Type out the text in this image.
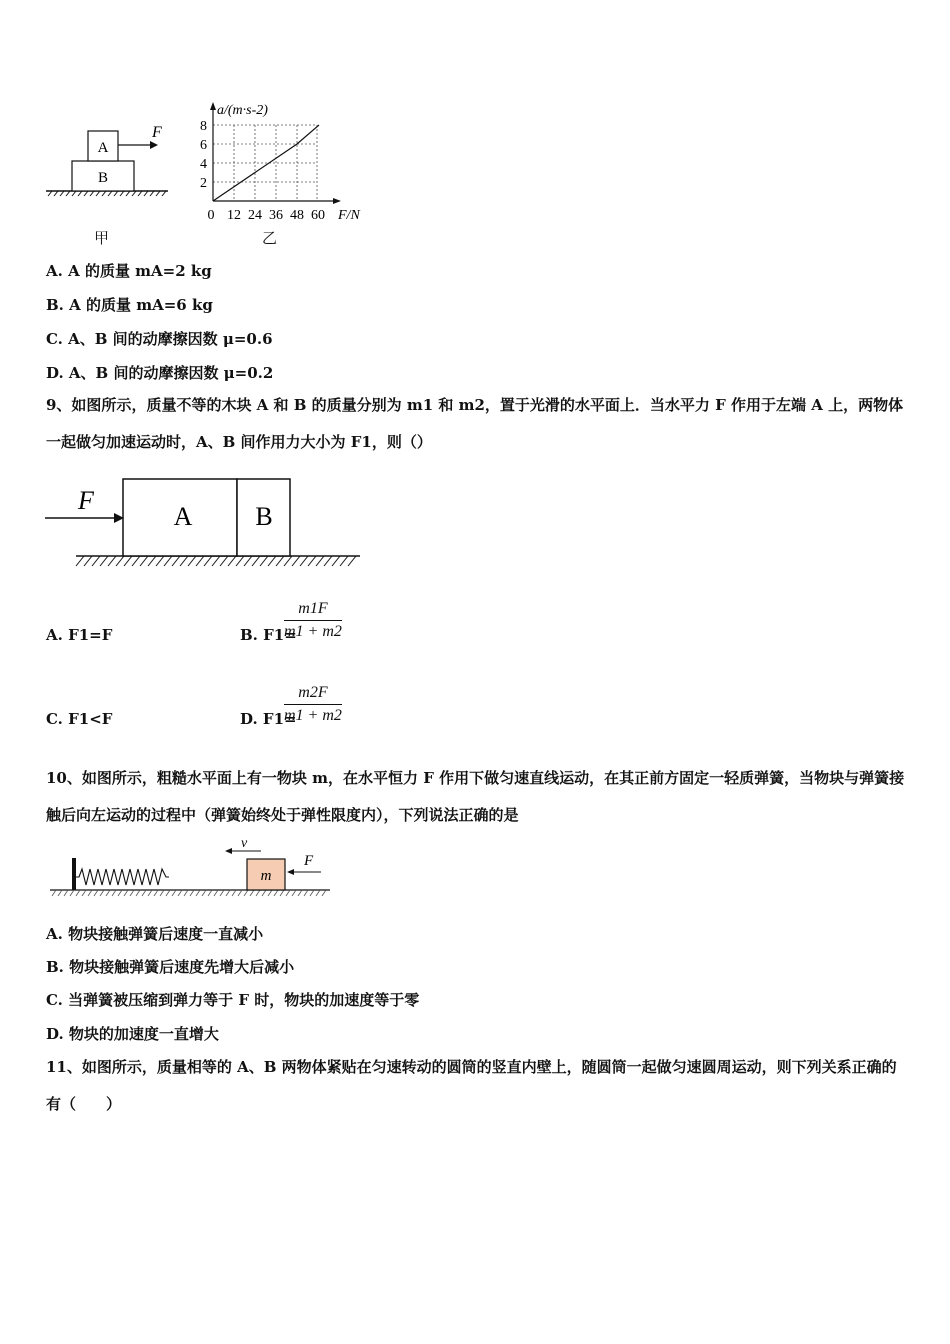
A
B
F
甲
a/(m·s-2)
8
6
4
2
0 12 24 36 48 60 F/N
乙
A. A 的质量 mA=2 kg
B. A 的质量 mA=6 kg
C. A、B 间的动摩擦因数 μ=0.6
D. A、B 间的动摩擦因数 μ=0.2
9、如图所示，质量不等的木块 A 和 B 的质量分别为 m1 和 m2，置于光滑的水平面上．当水平力 F 作用于左端 A 上，两物体一起做匀加速运动时，A、B 间作用力大小为 F1，则（）
A B
F
A. F1=F	B. F1=
$\frac{m1F}{m1 + m2}$
C. F1<F	D. F1=
$\frac{m2F}{m1 + m2}$
10、如图所示，粗糙水平面上有一物块 m，在水平恒力 F 作用下做匀速直线运动，在其正前方固定一轻质弹簧，当物块与弹簧接触后向左运动的过程中（弹簧始终处于弹性限度内），下列说法正确的是
m
v
F
A. 物块接触弹簧后速度一直减小
B. 物块接触弹簧后速度先增大后减小
C. 当弹簧被压缩到弹力等于 F 时，物块的加速度等于零
D. 物块的加速度一直增大
11、如图所示，质量相等的 A、B 两物体紧贴在匀速转动的圆筒的竖直内壁上，随圆筒一起做匀速圆周运动，则下列关系正确的有（　　）
